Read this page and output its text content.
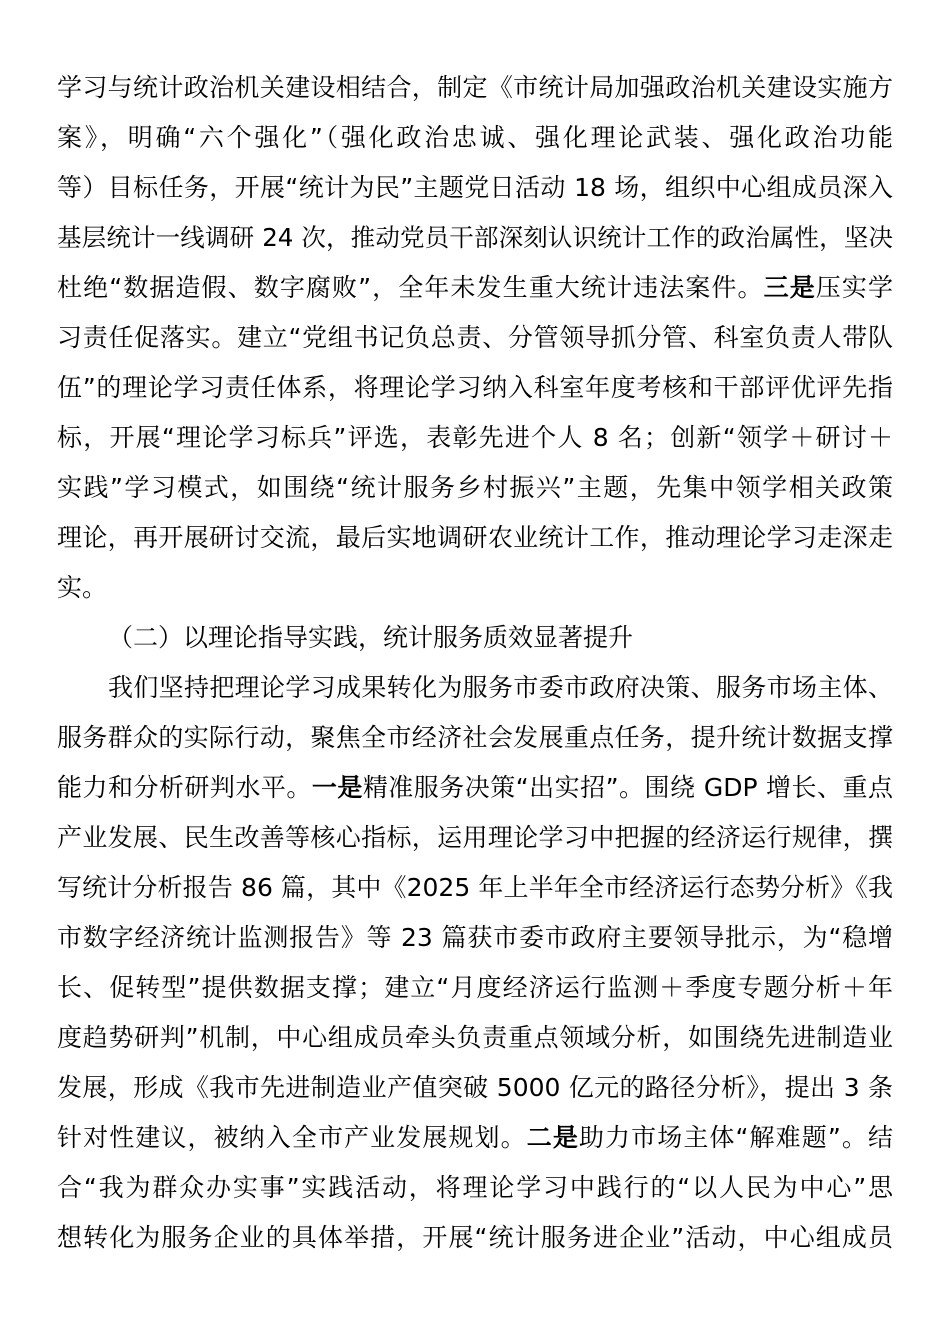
学习与统计政治机关建设相结合，制定《市统计局加强政治机关建设实施方
案》，明确“六个强化”（强化政治忠诚、强化理论武装、强化政治功能
等）目标任务，开展“统计为民”主题党日活动 18 场，组织中心组成员深入
基层统计一线调研 24 次，推动党员干部深刻认识统计工作的政治属性，坚决
杜绝“数据造假、数字腐败”，全年未发生重大统计违法案件。三是压实学
习责任促落实。建立“党组书记负总责、分管领导抓分管、科室负责人带队
伍”的理论学习责任体系，将理论学习纳入科室年度考核和干部评优评先指
标，开展“理论学习标兵”评选，表彰先进个人 8 名；创新“领学＋研讨＋
实践”学习模式，如围绕“统计服务乡村振兴”主题，先集中领学相关政策
理论，再开展研讨交流，最后实地调研农业统计工作，推动理论学习走深走
实。
（二）以理论指导实践，统计服务质效显著提升
我们坚持把理论学习成果转化为服务市委市政府决策、服务市场主体、
服务群众的实际行动，聚焦全市经济社会发展重点任务，提升统计数据支撑
能力和分析研判水平。一是精准服务决策“出实招”。围绕 GDP 增长、重点
产业发展、民生改善等核心指标，运用理论学习中把握的经济运行规律，撰
写统计分析报告 86 篇，其中《2025 年上半年全市经济运行态势分析》《我
市数字经济统计监测报告》等 23 篇获市委市政府主要领导批示，为“稳增
长、促转型”提供数据支撑；建立“月度经济运行监测＋季度专题分析＋年
度趋势研判”机制，中心组成员牵头负责重点领域分析，如围绕先进制造业
发展，形成《我市先进制造业产值突破 5000 亿元的路径分析》，提出 3 条
针对性建议，被纳入全市产业发展规划。二是助力市场主体“解难题”。结
合“我为群众办实事”实践活动，将理论学习中践行的“以人民为中心”思
想转化为服务企业的具体举措，开展“统计服务进企业”活动，中心组成员
